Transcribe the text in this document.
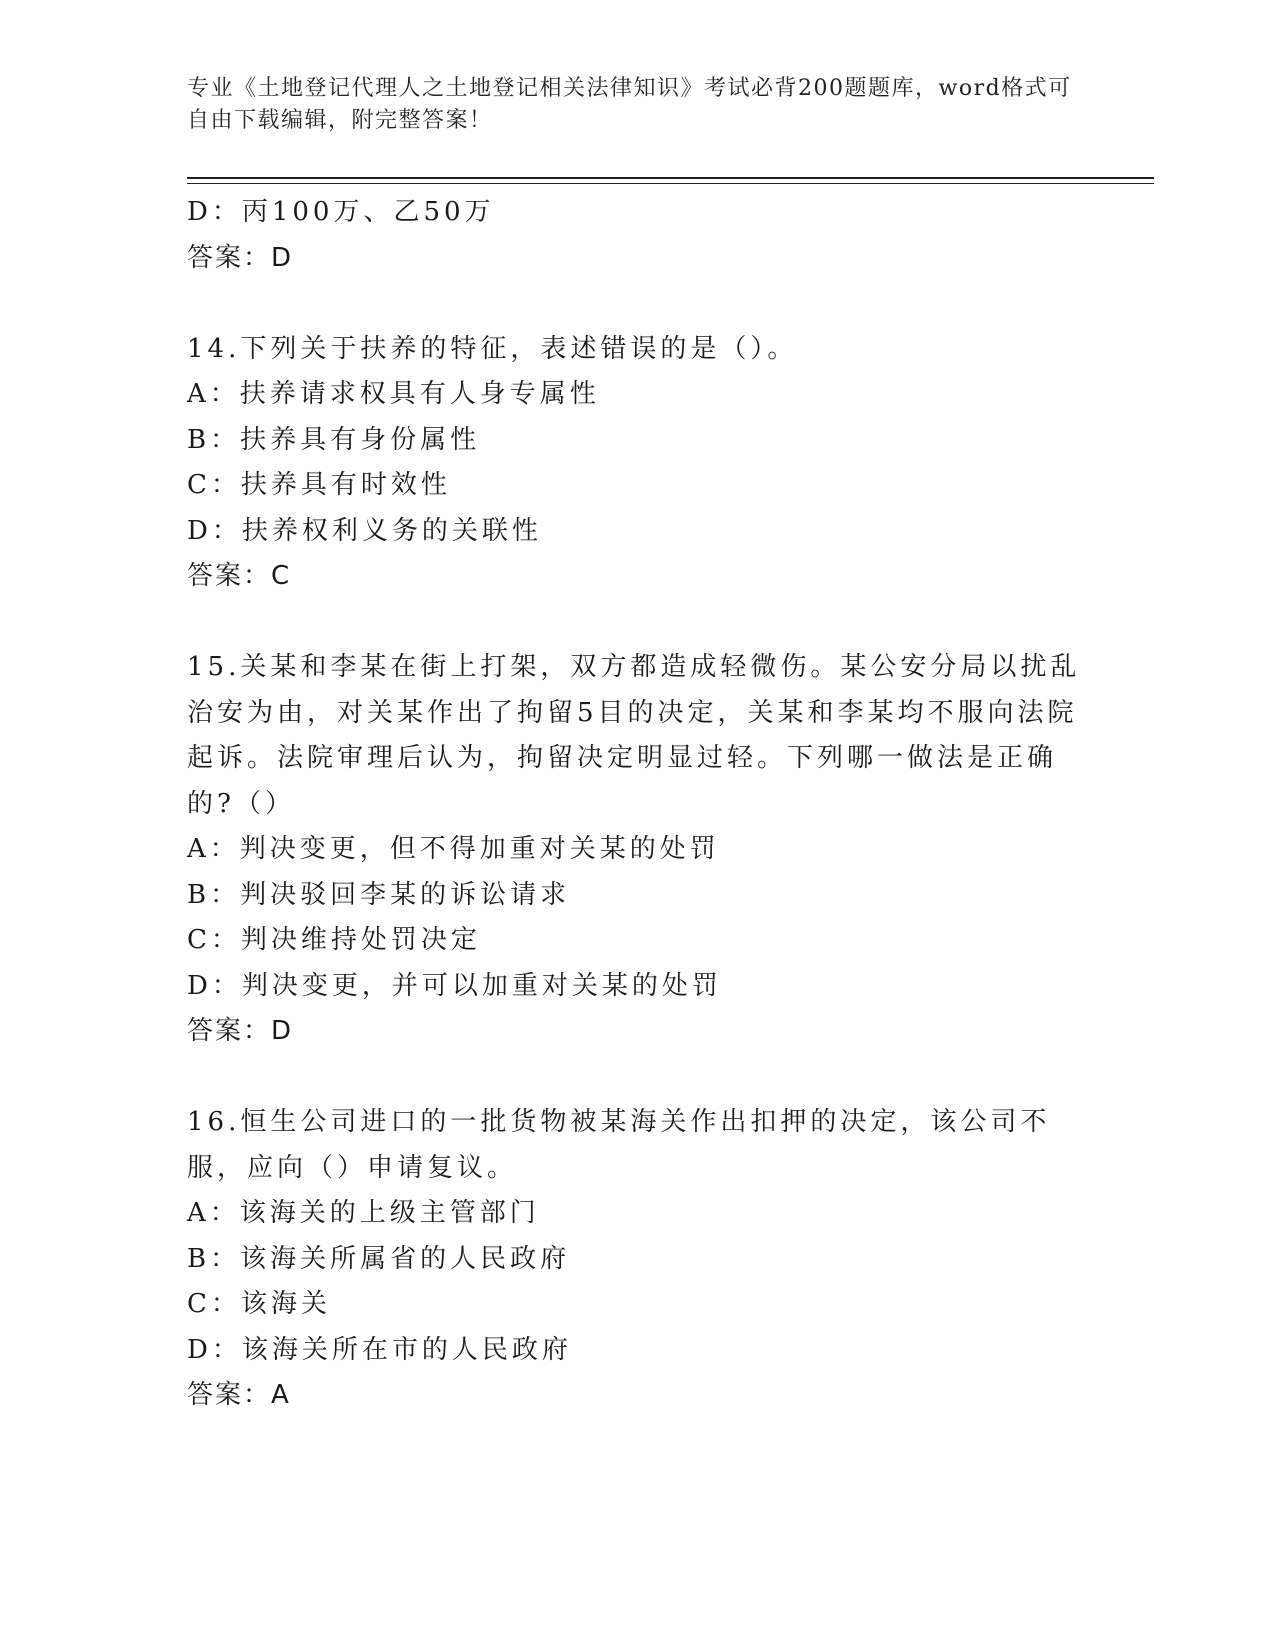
专业《土地登记代理人之土地登记相关法律知识》考试必背200题题库，word格式可自由下载编辑，附完整答案！
D：丙100万、乙50万
答案：D
14.下列关于扶养的特征，表述错误的是（）。
A：扶养请求权具有人身专属性
B：扶养具有身份属性
C：扶养具有时效性
D：扶养权利义务的关联性
答案：C
15.关某和李某在街上打架，双方都造成轻微伤。某公安分局以扰乱治安为由，对关某作出了拘留5目的决定，关某和李某均不服向法院起诉。法院审理后认为，拘留决定明显过轻。下列哪一做法是正确的?（）
A：判决变更，但不得加重对关某的处罚
B：判决驳回李某的诉讼请求
C：判决维持处罚决定
D：判决变更，并可以加重对关某的处罚
答案：D
16.恒生公司进口的一批货物被某海关作出扣押的决定，该公司不服，应向（）申请复议。
A：该海关的上级主管部门
B：该海关所属省的人民政府
C：该海关
D：该海关所在市的人民政府
答案：A
